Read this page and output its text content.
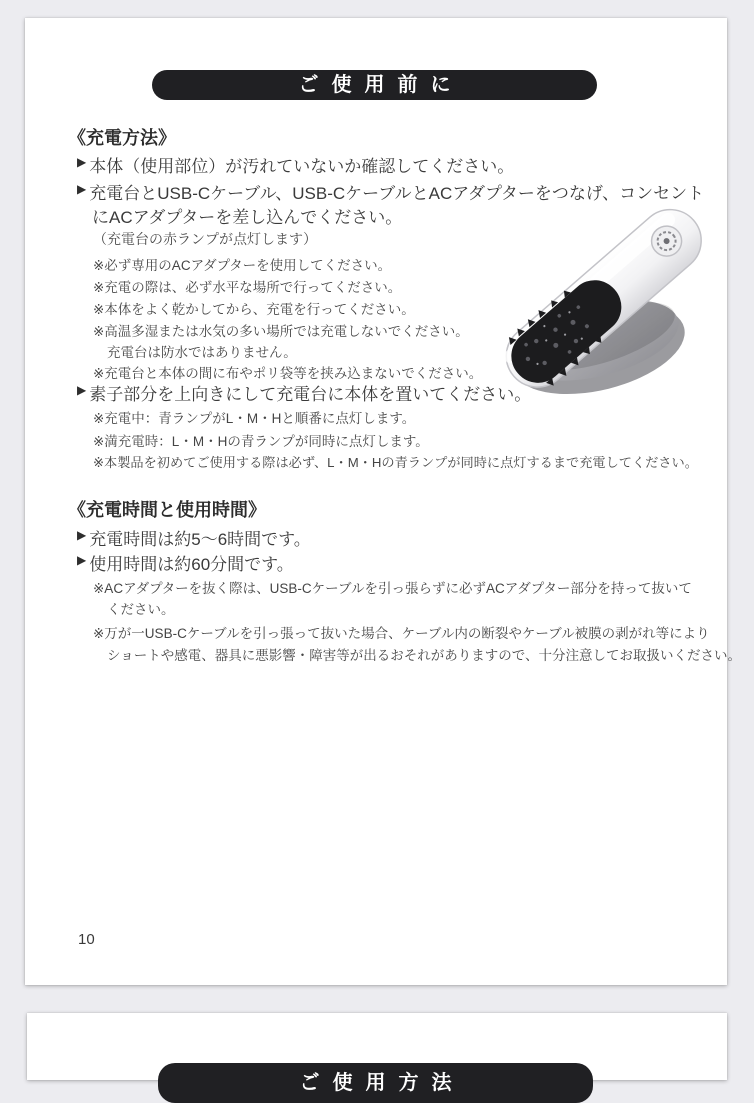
ご使用前に
《充電方法》
▶ 本体（使用部位）が汚れていないか確認してください。
▶ 充電台とUSB-Cケーブル、USB-CケーブルとACアダプターをつなげ、コンセント
にACアダプターを差し込んでください。
（充電台の赤ランプが点灯します）
※必ず専用のACアダプターを使用してください。
※充電の際は、必ず水平な場所で行ってください。
※本体をよく乾かしてから、充電を行ってください。
※高温多湿または水気の多い場所では充電しないでください。
充電台は防水ではありません。
※充電台と本体の間に布やポリ袋等を挟み込まないでください。
▶ 素子部分を上向きにして充電台に本体を置いてください。
※充電中：青ランプがL・M・Hと順番に点灯します。
※満充電時：L・M・Hの青ランプが同時に点灯します。
※本製品を初めてご使用する際は必ず、L・M・Hの青ランプが同時に点灯するまで充電してください。
《充電時間と使用時間》
▶ 充電時間は約5～6時間です。
▶ 使用時間は約60分間です。
※ACアダプターを抜く際は、USB-Cケーブルを引っ張らずに必ずACアダプター部分を持って抜いて
ください。
※万が一USB-Cケーブルを引っ張って抜いた場合、ケーブル内の断裂やケーブル被膜の剥がれ等により
ショートや感電、器具に悪影響・障害等が出るおそれがありますので、十分注意してお取扱いください。
10
ご使用方法
